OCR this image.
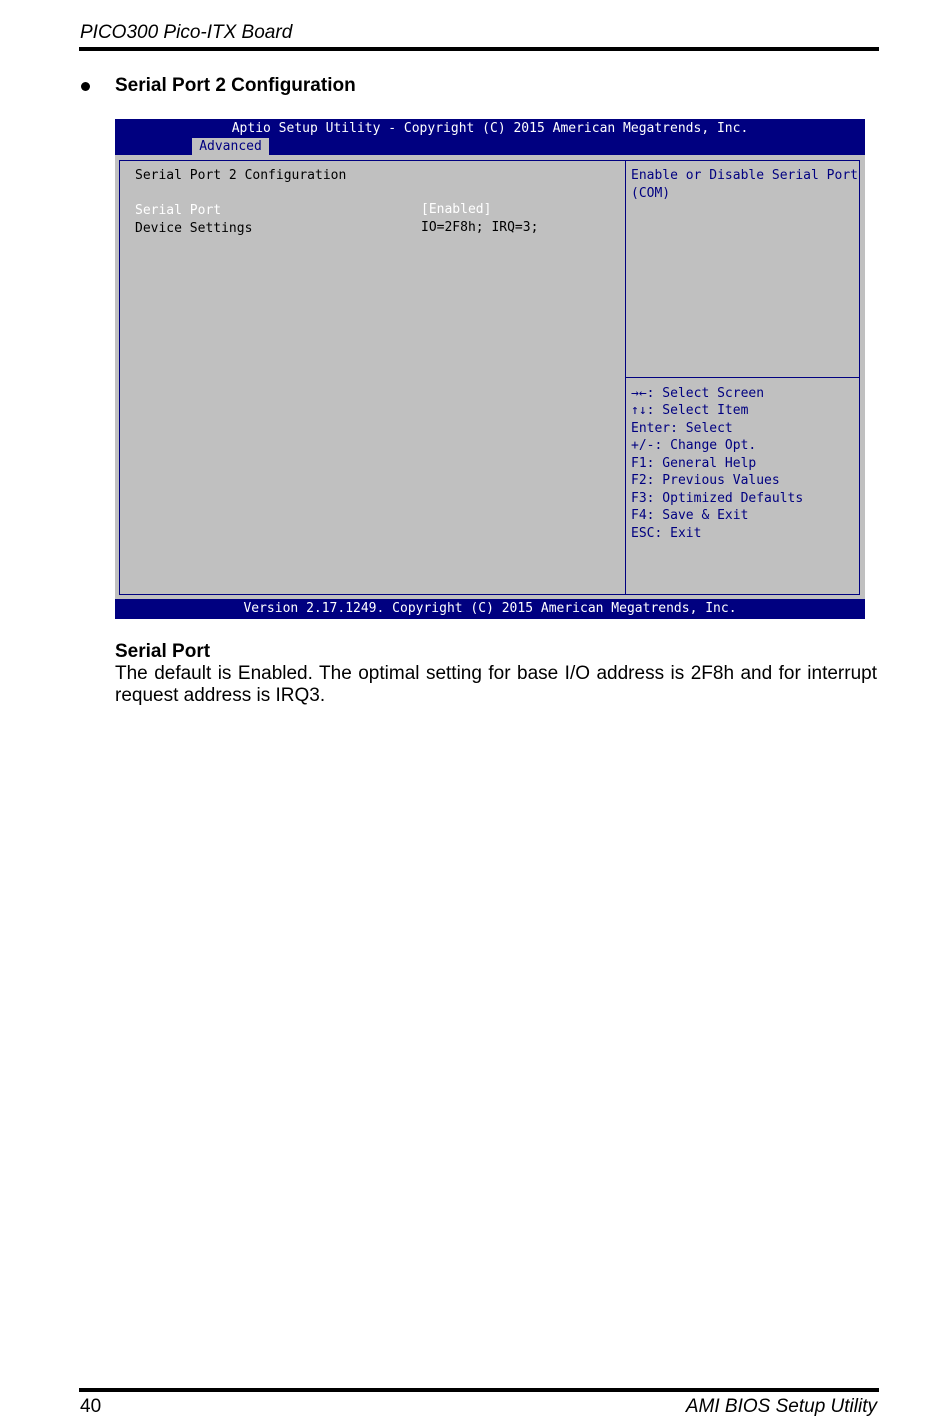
PICO300 Pico-ITX Board
Serial Port 2 Configuration
Aptio Setup Utility - Copyright (C) 2015 American Megatrends, Inc.
Advanced
Serial Port 2 Configuration
Serial Port	[Enabled]
Device Settings	IO=2F8h; IRQ=3;
Enable or Disable Serial Port
(COM)
→←: Select Screen
↑↓: Select Item
Enter: Select
+/-: Change Opt.
F1: General Help
F2: Previous Values
F3: Optimized Defaults
F4: Save & Exit
ESC: Exit
Version 2.17.1249. Copyright (C) 2015 American Megatrends, Inc.
Serial Port
The default is Enabled. The optimal setting for base I/O address is 2F8h and for interrupt request address is IRQ3.
40	AMI BIOS Setup Utility
